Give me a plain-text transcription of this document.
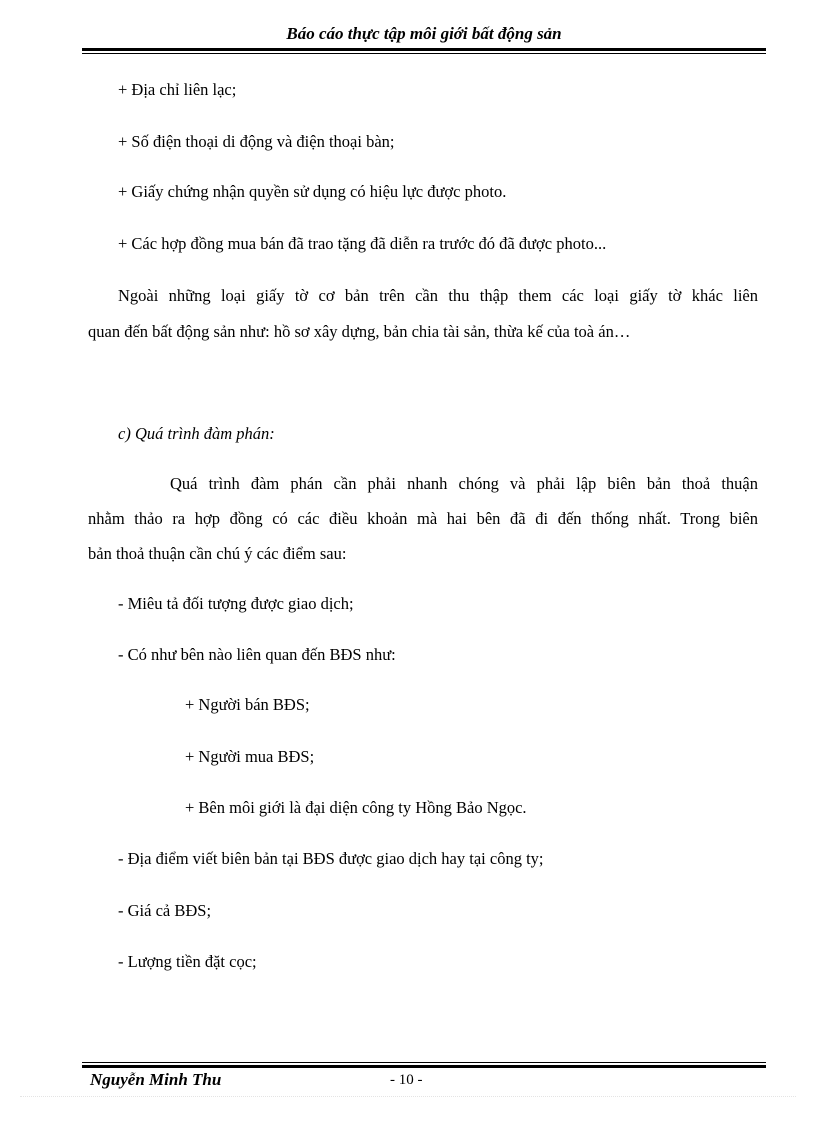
Báo cáo thực tập môi giới bất động sản
+ Địa chỉ liên lạc;
+ Số điện thoại di động và điện thoại bàn;
+ Giấy chứng nhận quyền sử dụng có hiệu lực được photo.
+ Các hợp đồng mua bán đã trao tặng đã diễn ra trước đó đã được photo...
Ngoài những loại giấy tờ cơ bản trên cần thu thập them các loại giấy tờ khác liên
quan đến bất động sản như: hồ sơ xây dựng, bản chia tài sản, thừa kế của toà án…
c) Quá trình đàm phán:
Quá trình đàm phán cần phải nhanh chóng và phải lập biên bản thoả thuận
nhằm thảo ra hợp đồng có các điều khoản mà hai bên đã đi đến thống nhất. Trong biên
bản thoả thuận cần chú ý các điểm sau:
- Miêu tả đối tượng được giao dịch;
- Có như bên nào liên quan đến BĐS như:
+ Người bán BĐS;
+ Người mua BĐS;
+ Bên môi giới là đại diện công ty Hồng Bảo Ngọc.
- Địa điểm viết biên bản tại BĐS được giao dịch hay tại công ty;
- Giá cả BĐS;
- Lượng tiền đặt cọc;
Nguyễn Minh Thu	- 10 -
